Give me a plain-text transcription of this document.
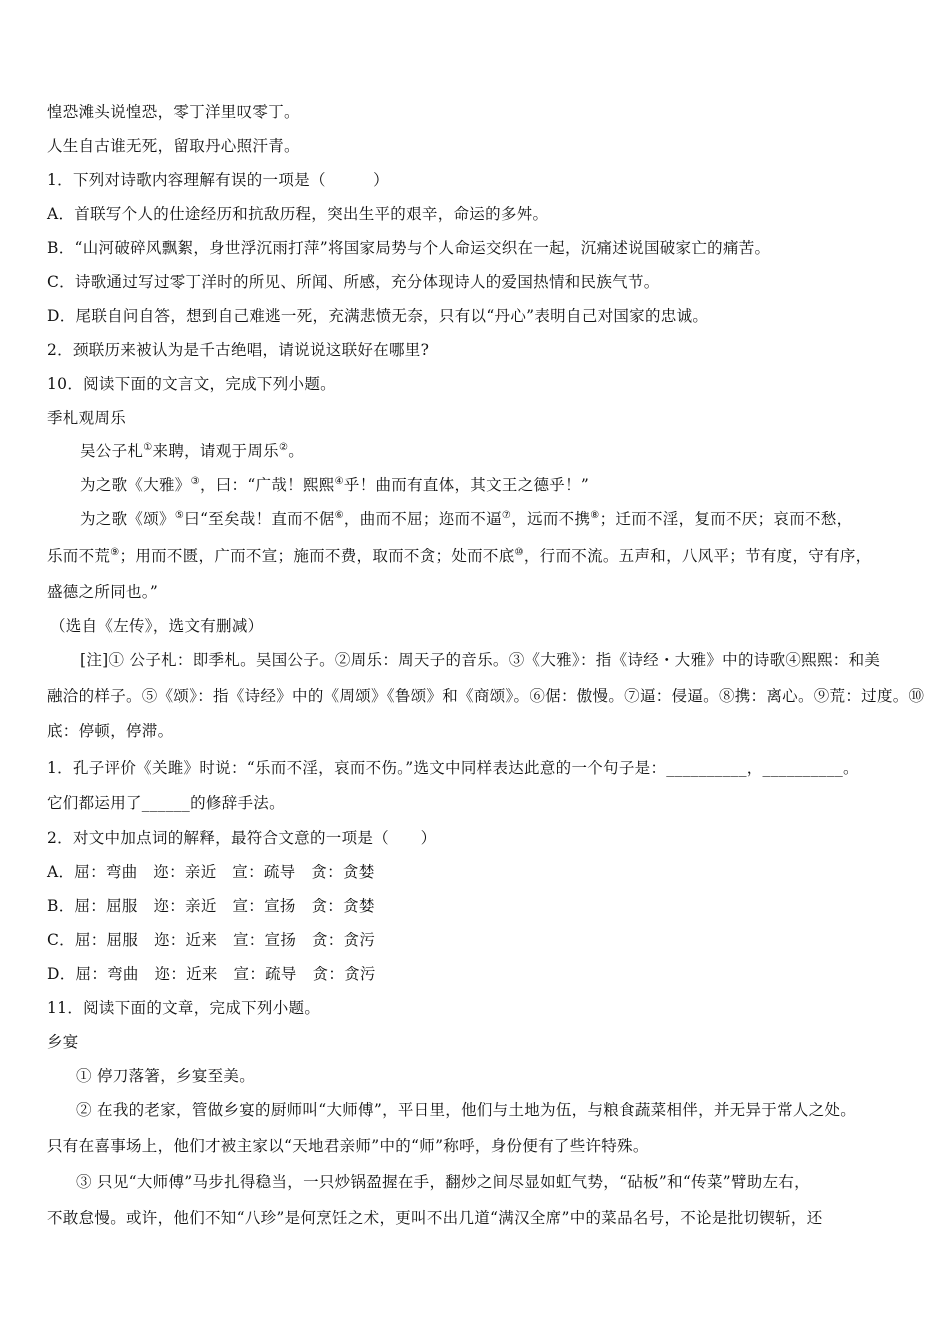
惶恐滩头说惶恐，零丁洋里叹零丁。
人生自古谁无死，留取丹心照汗青。
1．下列对诗歌内容理解有误的一项是（　　　）
A．首联写个人的仕途经历和抗敌历程，突出生平的艰辛，命运的多舛。
B．“山河破碎风飘絮，身世浮沉雨打萍”将国家局势与个人命运交织在一起，沉痛述说国破家亡的痛苦。
C．诗歌通过写过零丁洋时的所见、所闻、所感，充分体现诗人的爱国热情和民族气节。
D．尾联自问自答，想到自己难逃一死，充满悲愤无奈，只有以“丹心”表明自己对国家的忠诚。
2．颈联历来被认为是千古绝唱，请说说这联好在哪里?
10．阅读下面的文言文，完成下列小题。
季札观周乐
吴公子札①来聘，请观于周乐②。
为之歌《大雅》③，曰：“广哉！熙熙④乎！曲而有直体，其文王之德乎！”
为之歌《颂》⑤曰“至矣哉！直而不倨⑥，曲而不屈；迩而不逼⑦，远而不携⑧；迁而不淫，复而不厌；哀而不愁，
乐而不荒⑨；用而不匮，广而不宣；施而不费，取而不贪；处而不底⑩，行而不流。五声和，八风平；节有度，守有序，
盛德之所同也。”
（选自《左传》，选文有删减）
[注]① 公子札：即季札。吴国公子。②周乐：周天子的音乐。③《大雅》：指《诗经・大雅》中的诗歌④熙熙：和美
融洽的样子。⑤《颂》：指《诗经》中的《周颂》《鲁颂》和《商颂》。⑥倨：傲慢。⑦逼：侵逼。⑧携：离心。⑨荒：过度。⑩
底：停顿，停滞。
1．孔子评价《关雎》时说：“乐而不淫，哀而不伤。”选文中同样表达此意的一个句子是：__________，__________。
它们都运用了______的修辞手法。
2．对文中加点词的解释，最符合文意的一项是（　　）
A．屈：弯曲　迩：亲近　宣：疏导　贪：贪婪
B．屈：屈服　迩：亲近　宣：宣扬　贪：贪婪
C．屈：屈服　迩：近来　宣：宣扬　贪：贪污
D．屈：弯曲　迩：近来　宣：疏导　贪：贪污
11．阅读下面的文章，完成下列小题。
乡宴
① 停刀落箸，乡宴至美。
② 在我的老家，管做乡宴的厨师叫“大师傅”，平日里，他们与土地为伍，与粮食蔬菜相伴，并无异于常人之处。
只有在喜事场上，他们才被主家以“天地君亲师”中的“师”称呼，身份便有了些许特殊。
③ 只见“大师傅”马步扎得稳当，一只炒锅盈握在手，翻炒之间尽显如虹气势，“砧板”和“传菜”臂助左右，
不敢怠慢。或许，他们不知“八珍”是何烹饪之术，更叫不出几道“满汉全席”中的菜品名号，不论是批切锲斩，还
